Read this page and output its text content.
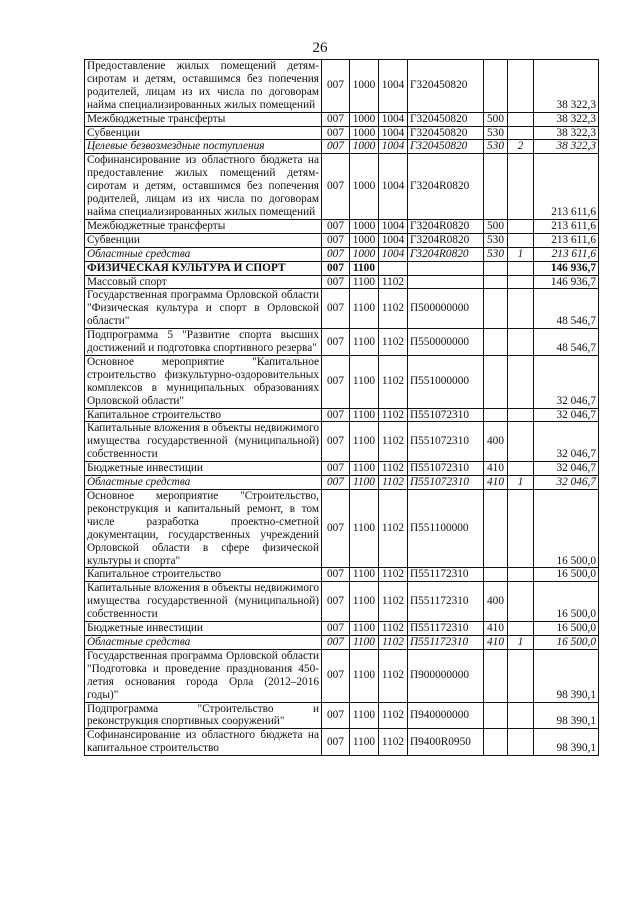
26
Предоставление жилых помещений детям-сиротам и детям, оставшимся без попечения родителей, лицам из их числа по договорам найма специализированных жилых помещений	007	1000	1004	Г320450820			38 322,3
Межбюджетные трансферты	007	1000	1004	Г320450820	500		38 322,3
Субвенции	007	1000	1004	Г320450820	530		38 322,3
Целевые безвозмездные поступления	007	1000	1004	Г320450820	530	2	38 322,3
Софинансирование из областного бюджета на предоставление жилых помещений детям-сиротам и детям, оставшимся без попечения родителей, лицам из их числа по договорам найма специализированных жилых помещений	007	1000	1004	Г3204R0820			213 611,6
Межбюджетные трансферты	007	1000	1004	Г3204R0820	500		213 611,6
Субвенции	007	1000	1004	Г3204R0820	530		213 611,6
Областные средства	007	1000	1004	Г3204R0820	530	1	213 611,6
ФИЗИЧЕСКАЯ КУЛЬТУРА И СПОРТ	007	1100					146 936,7
Массовый спорт	007	1100	1102				146 936,7
Государственная программа Орловской области "Физическая культура и спорт в Орловской области"	007	1100	1102	П500000000			48 546,7
Подпрограмма 5 "Развитие спорта высших достижений и подготовка спортивного резерва"	007	1100	1102	П550000000			48 546,7
Основное мероприятие "Капитальное строительство физкультурно-оздоровительных комплексов в муниципальных образованиях Орловской области"	007	1100	1102	П551000000			32 046,7
Капитальное строительство	007	1100	1102	П551072310			32 046,7
Капитальные вложения в объекты недвижимого имущества государственной (муниципальной) собственности	007	1100	1102	П551072310	400		32 046,7
Бюджетные инвестиции	007	1100	1102	П551072310	410		32 046,7
Областные средства	007	1100	1102	П551072310	410	1	32 046,7
Основное мероприятие "Строительство, реконструкция и капитальный ремонт, в том числе разработка проектно-сметной документации, государственных учреждений Орловской области в сфере физической культуры и спорта"	007	1100	1102	П551100000			16 500,0
Капитальное строительство	007	1100	1102	П551172310			16 500,0
Капитальные вложения в объекты недвижимого имущества государственной (муниципальной) собственности	007	1100	1102	П551172310	400		16 500,0
Бюджетные инвестиции	007	1100	1102	П551172310	410		16 500,0
Областные средства	007	1100	1102	П551172310	410	1	16 500,0
Государственная программа Орловской области "Подготовка и проведение празднования 450-летия основания города Орла (2012–2016 годы)"	007	1100	1102	П900000000			98 390,1
Подпрограмма "Строительство и реконструкция спортивных сооружений"	007	1100	1102	П940000000			98 390,1
Софинансирование из областного бюджета на капитальное строительство	007	1100	1102	П9400R0950			98 390,1
